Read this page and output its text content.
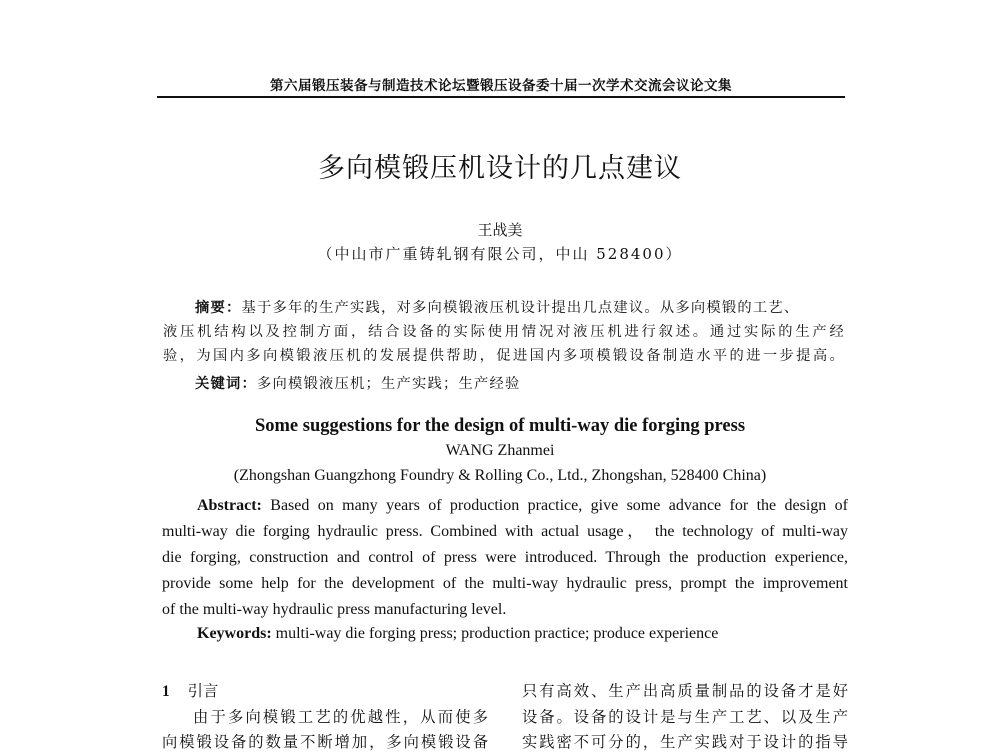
第六届锻压装备与制造技术论坛暨锻压设备委十届一次学术交流会议论文集
多向模锻压机设计的几点建议
王战美
（中山市广重铸轧钢有限公司，中山 528400）
摘要：基于多年的生产实践，对多向模锻液压机设计提出几点建议。从多向模锻的工艺、
液压机结构以及控制方面，结合设备的实际使用情况对液压机进行叙述。通过实际的生产经
验，为国内多向模锻液压机的发展提供帮助，促进国内多项模锻设备制造水平的进一步提高。
关键词：多向模锻液压机；生产实践；生产经验
Some suggestions for the design of multi-way die forging press
WANG Zhanmei
(Zhongshan Guangzhong Foundry & Rolling Co., Ltd., Zhongshan, 528400 China)
Abstract: Based on many years of production practice, give some advance for the design of
multi-way die forging hydraulic press. Combined with actual usage， the technology of multi-way
die forging, construction and control of press were introduced. Through the production experience,
provide some help for the development of the multi-way hydraulic press, prompt the improvement
of the multi-way hydraulic press manufacturing level.
Keywords: multi-way die forging press; production practice; produce experience
1 引言
由于多向模锻工艺的优越性，从而使多
向模锻设备的数量不断增加，多向模锻设备
只有高效、生产出高质量制品的设备才是好
设备。设备的设计是与生产工艺、以及生产
实践密不可分的，生产实践对于设计的指导
